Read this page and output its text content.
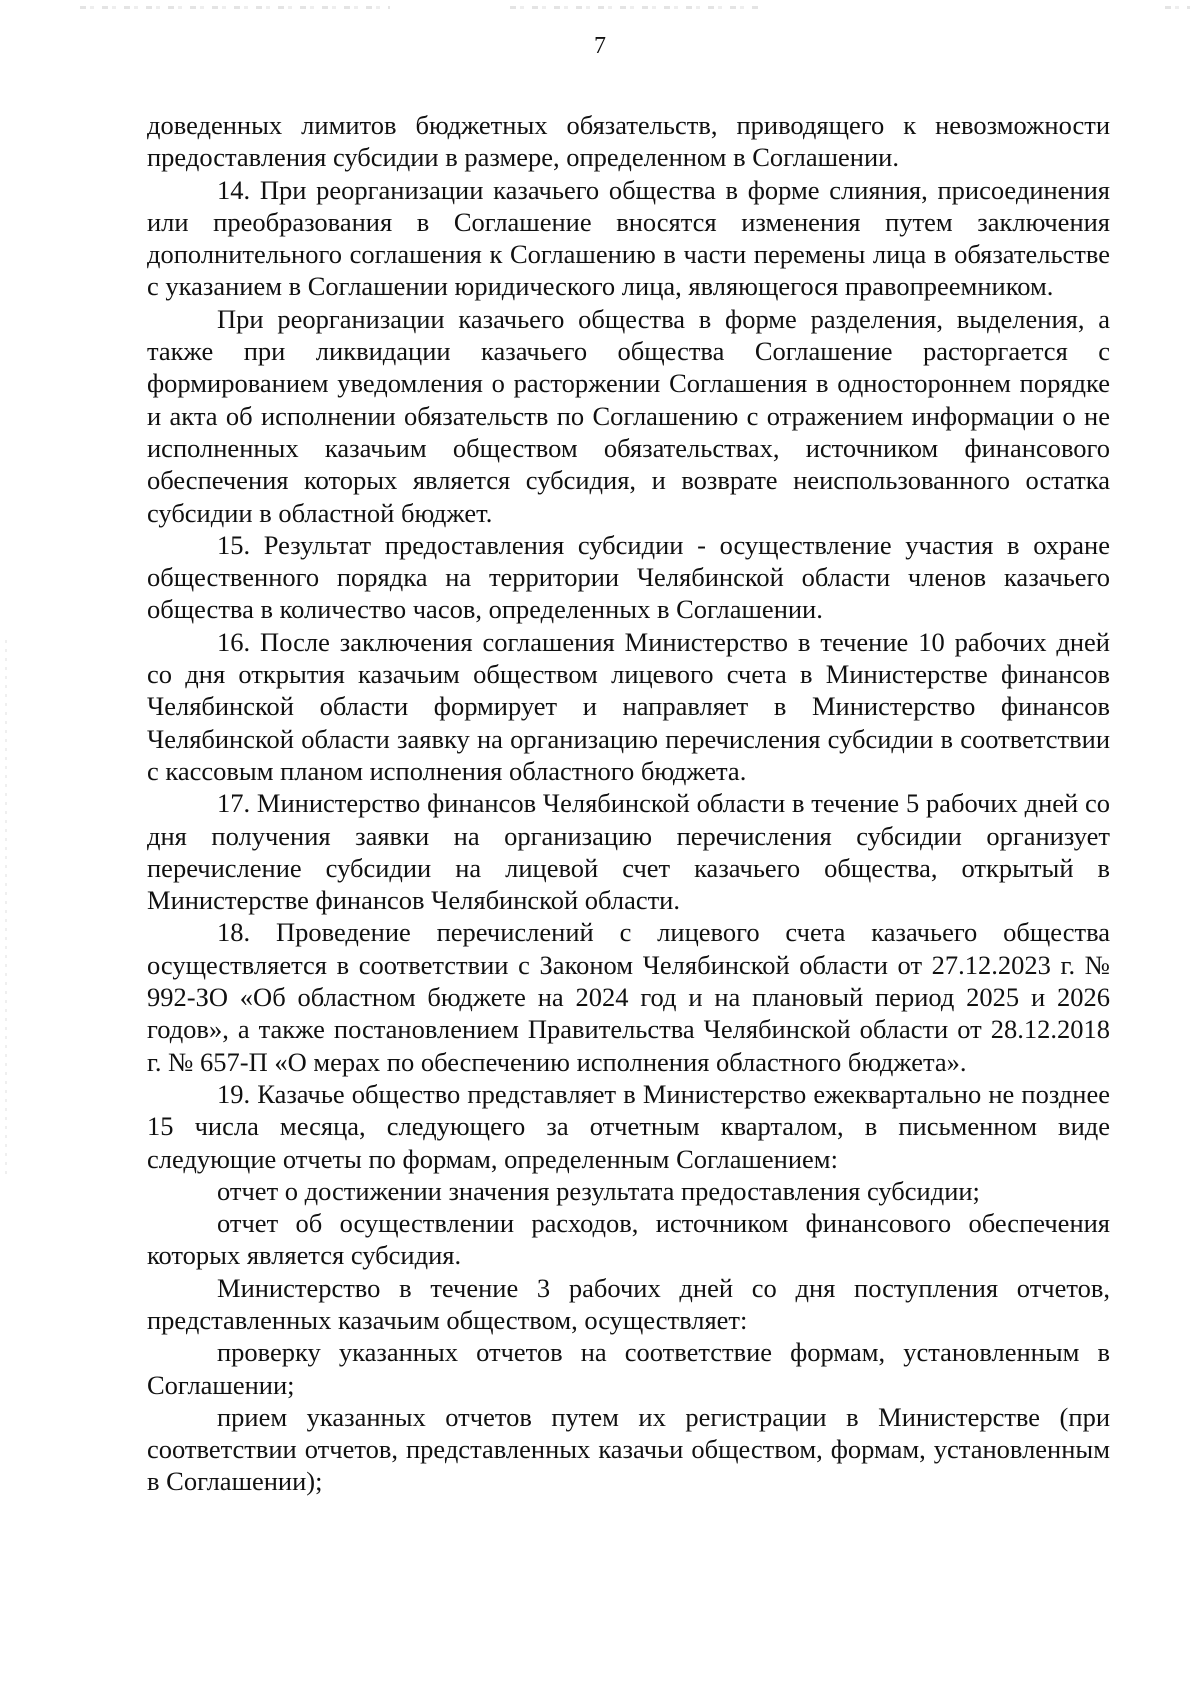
7

доведенных лимитов бюджетных обязательств, приводящего к невозможности предоставления субсидии в размере, определенном в Соглашении.

14. При реорганизации казачьего общества в форме слияния, присоединения или преобразования в Соглашение вносятся изменения путем заключения дополнительного соглашения к Соглашению в части перемены лица в обязательстве с указанием в Соглашении юридического лица, являющегося правопреемником.

При реорганизации казачьего общества в форме разделения, выделения, а также при ликвидации казачьего общества Соглашение расторгается с формированием уведомления о расторжении Соглашения в одностороннем порядке и акта об исполнении обязательств по Соглашению с отражением информации о не исполненных казачьим обществом обязательствах, источником финансового обеспечения которых является субсидия, и возврате неиспользованного остатка субсидии в областной бюджет.

15. Результат предоставления субсидии - осуществление участия в охране общественного порядка на территории Челябинской области членов казачьего общества в количество часов, определенных в Соглашении.

16. После заключения соглашения Министерство в течение 10 рабочих дней со дня открытия казачьим обществом лицевого счета в Министерстве финансов Челябинской области формирует и направляет в Министерство финансов Челябинской области заявку на организацию перечисления субсидии в соответствии с кассовым планом исполнения областного бюджета.

17. Министерство финансов Челябинской области в течение 5 рабочих дней со дня получения заявки на организацию перечисления субсидии организует перечисление субсидии на лицевой счет казачьего общества, открытый в Министерстве финансов Челябинской области.

18. Проведение перечислений с лицевого счета казачьего общества осуществляется в соответствии с Законом Челябинской области от 27.12.2023 г. № 992-ЗО «Об областном бюджете на 2024 год и на плановый период 2025 и 2026 годов», а также постановлением Правительства Челябинской области от 28.12.2018 г. № 657-П «О мерах по обеспечению исполнения областного бюджета».

19. Казачье общество представляет в Министерство ежеквартально не позднее 15 числа месяца, следующего за отчетным кварталом, в письменном виде следующие отчеты по формам, определенным Соглашением:

отчет о достижении значения результата предоставления субсидии;

отчет об осуществлении расходов, источником финансового обеспечения которых является субсидия.

Министерство в течение 3 рабочих дней со дня поступления отчетов, представленных казачьим обществом, осуществляет:

проверку указанных отчетов на соответствие формам, установленным в Соглашении;

прием указанных отчетов путем их регистрации в Министерстве (при соответствии отчетов, представленных казачьи обществом, формам, установленным в Соглашении);
